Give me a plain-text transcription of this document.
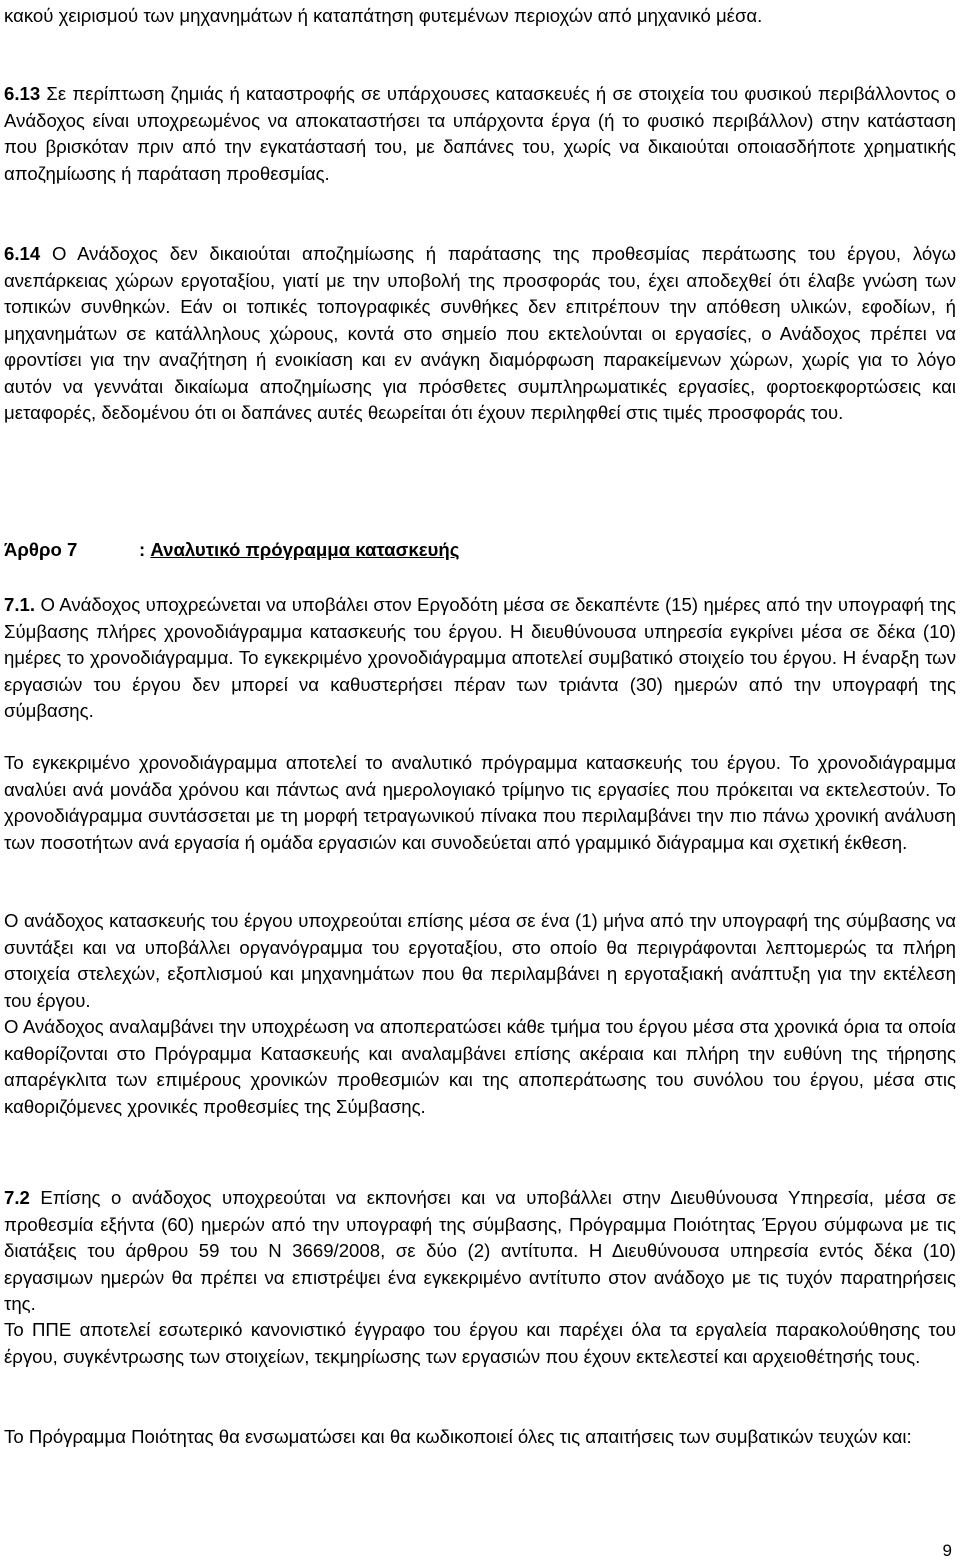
κακού χειρισμού των μηχανημάτων ή καταπάτηση φυτεμένων περιοχών από μηχανικό μέσα.

6.13 Σε περίπτωση ζημιάς ή καταστροφής σε υπάρχουσες κατασκευές ή σε στοιχεία του φυσικού περιβάλλοντος ο Ανάδοχος είναι υποχρεωμένος να αποκαταστήσει τα υπάρχοντα έργα (ή το φυσικό περιβάλλον) στην κατάσταση που βρισκόταν πριν από την εγκατάστασή του, με δαπάνες του, χωρίς να δικαιούται οποιασδήποτε χρηματικής αποζημίωσης ή παράταση προθεσμίας.

6.14 Ο Ανάδοχος δεν δικαιούται αποζημίωσης ή παράτασης της προθεσμίας περάτωσης του έργου, λόγω ανεπάρκειας χώρων εργοταξίου, γιατί με την υποβολή της προσφοράς του, έχει αποδεχθεί ότι έλαβε γνώση των τοπικών συνθηκών. Εάν οι τοπικές τοπογραφικές συνθήκες δεν επιτρέπουν την απόθεση υλικών, εφοδίων, ή μηχανημάτων σε κατάλληλους χώρους, κοντά στο σημείο που εκτελούνται οι εργασίες, ο Ανάδοχος πρέπει να φροντίσει για την αναζήτηση ή ενοικίαση και εν ανάγκη διαμόρφωση παρακείμενων χώρων, χωρίς για το λόγο αυτόν να γεννάται δικαίωμα αποζημίωσης για πρόσθετες συμπληρωματικές εργασίες, φορτοεκφορτώσεις και μεταφορές, δεδομένου ότι οι δαπάνες αυτές θεωρείται ότι έχουν περιληφθεί στις τιμές προσφοράς του.

Άρθρο 7	: Αναλυτικό πρόγραμμα κατασκευής

7.1. Ο Ανάδοχος υποχρεώνεται να υποβάλει στον Εργοδότη μέσα σε δεκαπέντε (15) ημέρες από την υπογραφή της Σύμβασης πλήρες χρονοδιάγραμμα κατασκευής του έργου. Η διευθύνουσα υπηρεσία εγκρίνει μέσα σε δέκα (10) ημέρες το χρονοδιάγραμμα. Το εγκεκριμένο χρονοδιάγραμμα αποτελεί συμβατικό στοιχείο του έργου. Η έναρξη των εργασιών του έργου δεν μπορεί να καθυστερήσει πέραν των τριάντα (30) ημερών από την υπογραφή της σύμβασης.

Το εγκεκριμένο χρονοδιάγραμμα αποτελεί το αναλυτικό πρόγραμμα κατασκευής του έργου. Το χρονοδιάγραμμα αναλύει ανά μονάδα χρόνου και πάντως ανά ημερολογιακό τρίμηνο τις εργασίες που πρόκειται να εκτελεστούν. Το χρονοδιάγραμμα συντάσσεται με τη μορφή τετραγωνικού πίνακα που περιλαμβάνει την πιο πάνω χρονική ανάλυση των ποσοτήτων ανά εργασία ή ομάδα εργασιών και συνοδεύεται από γραμμικό διάγραμμα και σχετική έκθεση.

Ο ανάδοχος κατασκευής του έργου υποχρεούται επίσης μέσα σε ένα (1) μήνα από την υπογραφή της σύμβασης να συντάξει και να υποβάλλει οργανόγραμμα του εργοταξίου, στο οποίο θα περιγράφονται λεπτομερώς τα πλήρη στοιχεία στελεχών, εξοπλισμού και μηχανημάτων που θα περιλαμβάνει η εργοταξιακή ανάπτυξη για την εκτέλεση του έργου.

Ο Ανάδοχος αναλαμβάνει την υποχρέωση να αποπερατώσει κάθε τμήμα του έργου μέσα στα χρονικά όρια τα οποία καθορίζονται στο Πρόγραμμα Κατασκευής και αναλαμβάνει επίσης ακέραια και πλήρη την ευθύνη της τήρησης απαρέγκλιτα των επιμέρους χρονικών προθεσμιών και της αποπεράτωσης του συνόλου του έργου, μέσα στις καθοριζόμενες χρονικές προθεσμίες της Σύμβασης.

7.2 Επίσης ο ανάδοχος υποχρεούται να εκπονήσει και να υποβάλλει στην Διευθύνουσα Υπηρεσία, μέσα σε προθεσμία εξήντα (60) ημερών από την υπογραφή της σύμβασης, Πρόγραμμα Ποιότητας Έργου σύμφωνα με τις διατάξεις του άρθρου 59 του Ν 3669/2008, σε δύο (2) αντίτυπα. Η Διευθύνουσα υπηρεσία εντός δέκα (10) εργασιμων ημερών θα πρέπει να επιστρέψει ένα εγκεκριμένο αντίτυπο στον ανάδοχο με τις τυχόν παρατηρήσεις της.

Το ΠΠΕ αποτελεί εσωτερικό κανονιστικό έγγραφο του έργου και παρέχει όλα τα εργαλεία παρακολούθησης του έργου, συγκέντρωσης των στοιχείων, τεκμηρίωσης των εργασιών που έχουν εκτελεστεί και αρχειοθέτησής τους.

Το Πρόγραμμα Ποιότητας θα ενσωματώσει και θα κωδικοποιεί όλες τις απαιτήσεις των συμβατικών τευχών και:

9
